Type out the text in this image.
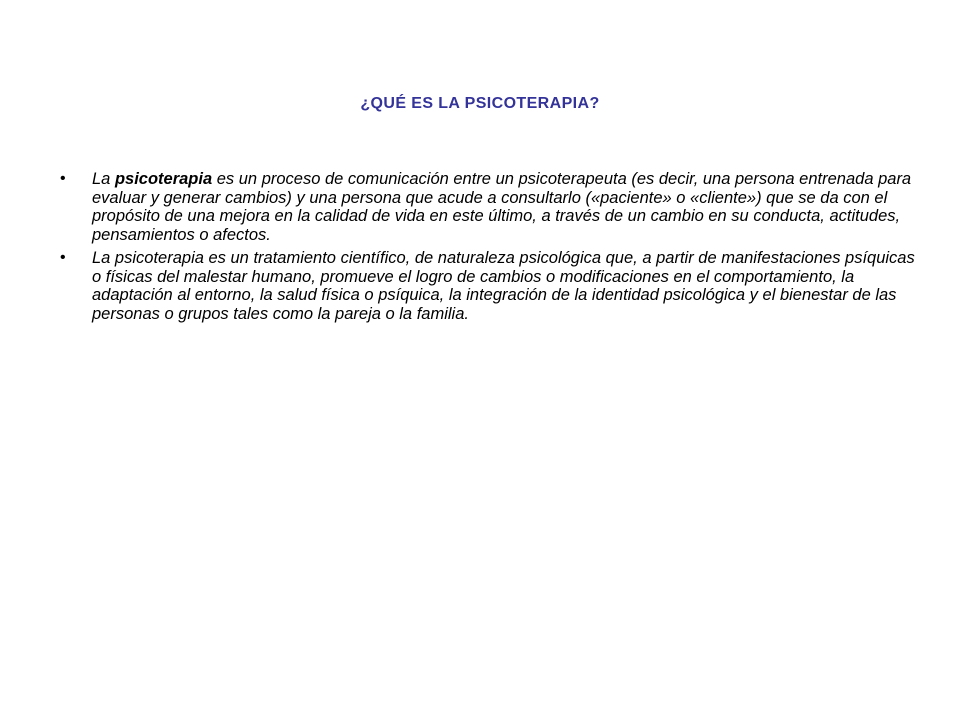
¿QUÉ ES LA PSICOTERAPIA?
• La psicoterapia es un proceso de comunicación entre un psicoterapeuta (es decir, una persona entrenada para evaluar y generar cambios) y una persona que acude a consultarlo («paciente» o «cliente») que se da con el propósito de una mejora en la calidad de vida en este último, a través de un cambio en su conducta, actitudes, pensamientos o afectos.
• La psicoterapia es un tratamiento científico, de naturaleza psicológica que, a partir de manifestaciones psíquicas o físicas del malestar humano, promueve el logro de cambios o modificaciones en el comportamiento, la adaptación al entorno, la salud física o psíquica, la integración de la identidad psicológica y el bienestar de las personas o grupos tales como la pareja o la familia.
